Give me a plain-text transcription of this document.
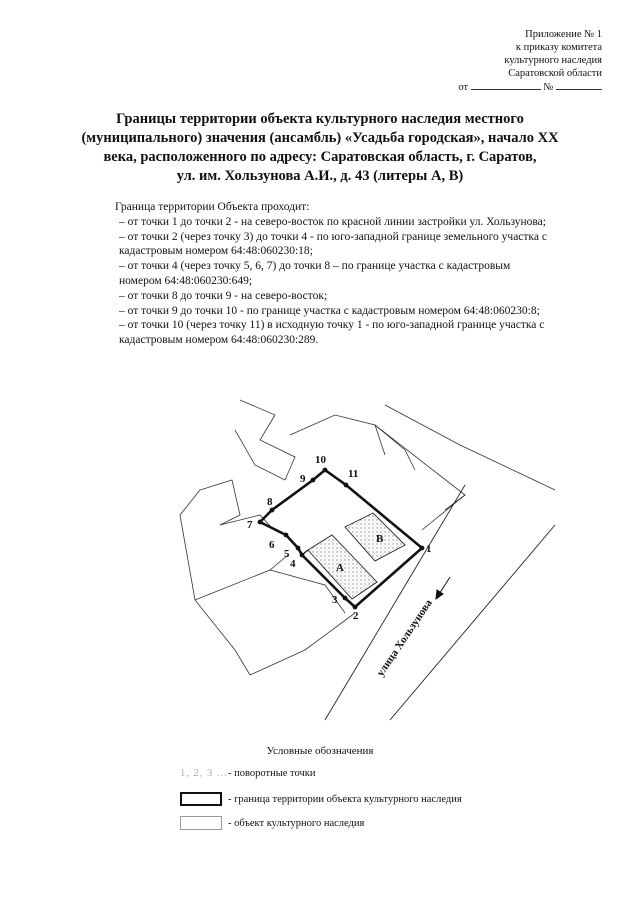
Приложение № 1
к приказу комитета
культурного наследия
Саратовской области
от	№
Границы территории объекта культурного наследия местного
(муниципального) значения (ансамбль) «Усадьба городская», начало XX
века, расположенного по адресу: Саратовская область, г. Саратов,
ул. им. Хользунова А.И., д. 43 (литеры А, В)

Граница территории Объекта проходит:

– от точки 1 до точки 2 - на северо-восток по красной линии застройки ул. Хользунова;

– от точки 2 (через точку 3) до точки 4 - по юго-западной границе земельного участка с кадастровым номером 64:48:060230:18;

– от точки 4 (через точку 5, 6, 7) до точки 8 – по границе участка с кадастровым номером 64:48:060230:649;

– от точки 8 до точки 9 - на северо-восток;

– от точки 9 до точки 10 - по границе участка с кадастровым номером 64:48:060230:8;

– от точки 10 (через точку 11) в исходную точку 1 - по юго-западной границе участка с кадастровым номером 64:48:060230:289.

1
2
3
4
5
6
7
8
9
10
11
В
А
улица Хользунова
Условные обозначения
1, 2, 3 ... - поворотные точки
- граница территории объекта культурного наследия
- объект культурного наследия
